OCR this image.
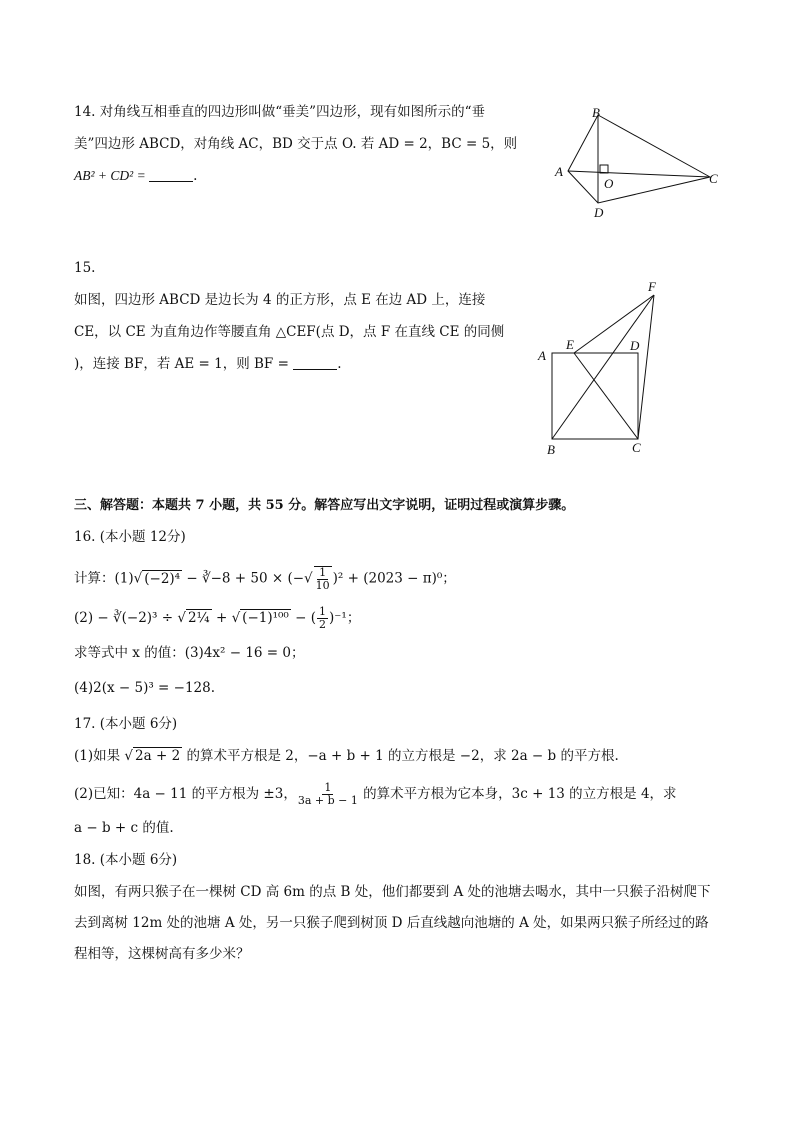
14. 对角线互相垂直的四边形叫做“垂美”四边形，现有如图所示的“垂
美”四边形 ABCD，对角线 AC，BD 交于点 O. 若 AD = 2，BC = 5，则
AB² + CD² =	.
B
A
O	C
D
15.
如图，四边形 ABCD 是边长为 4 的正方形，点 E 在边 AD 上，连接
CE，以 CE 为直角边作等腰直角 △CEF(点 D，点 F 在直线 CE 的同侧
)，连接 BF，若 AE = 1，则 BF =	.
F
A
E	D
B	C
三、解答题：本题共 7 小题，共 55 分。解答应写出文字说明，证明过程或演算步骤。
16. (本小题 12分)
计算：(1)√ (−2)⁴ − ∛−8 + 50 × (−√ $\frac{1}{10} )^2 + (2023 - \pi)^0$；
(2) − ∛(−2)³ ÷ √ 2¼ + √ (−1)¹⁰⁰ − ( $\frac{1}{2} )^{-1}$；
求等式中 x 的值：(3)4x² − 16 = 0；
(4)2(x − 5)³ = −128.
17. (本小题 6分)
(1)如果 √ 2a + 2 的算术平方根是 2，−a + b + 1 的立方根是 −2，求 2a − b 的平方根.
(2)已知：4a − 11 的平方根为 ±3， $\frac{1}{3a + b - 1}$ 的算术平方根为它本身，3c + 13 的立方根是 4，求
a − b + c 的值.
18. (本小题 6分)
如图，有两只猴子在一棵树 CD 高 6m 的点 B 处，他们都要到 A 处的池塘去喝水，其中一只猴子沿树爬下
去到离树 12m 处的池塘 A 处，另一只猴子爬到树顶 D 后直线越向池塘的 A 处，如果两只猴子所经过的路
程相等，这棵树高有多少米？
